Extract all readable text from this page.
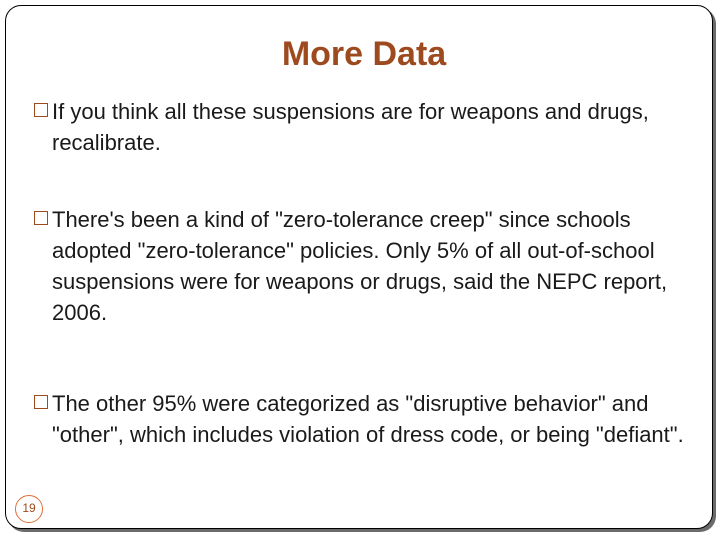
More Data
If you think all these suspensions are for weapons and drugs, recalibrate.
There's been a kind of "zero-tolerance creep" since schools adopted "zero-tolerance" policies. Only 5% of all out-of-school suspensions were for weapons or drugs, said the NEPC report, 2006.
The other 95% were categorized as "disruptive behavior" and "other", which includes violation of dress code, or being "defiant".
19
